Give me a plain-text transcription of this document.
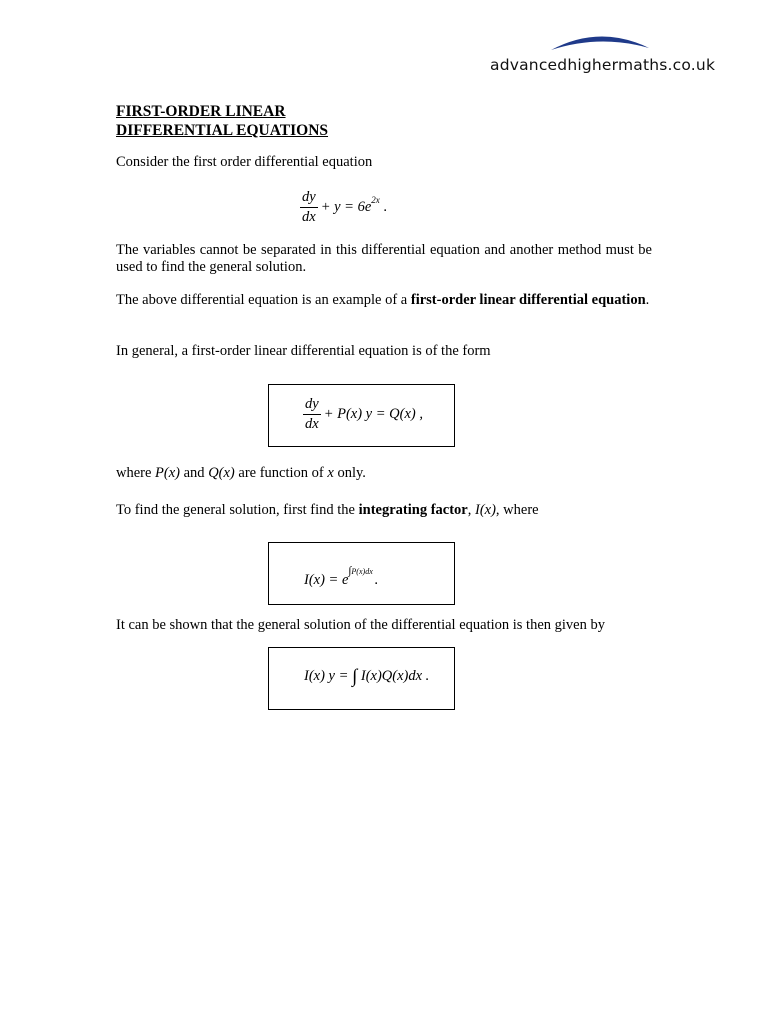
advancedhighermaths.co.uk
FIRST-ORDER LINEAR
DIFFERENTIAL EQUATIONS
Consider the first order differential equation
$\frac{dy}{dx} + y = 6e^{2x}$ .
The variables cannot be separated in this differential equation and another method must be used to find the general solution.
The above differential equation is an example of a first-order linear differential equation.
In general, a first-order linear differential equation is of the form
$\frac{dy}{dx} + P(x) y = Q(x)$ ,
where P(x) and Q(x) are function of x only.
To find the general solution, first find the integrating factor, I(x), where
$I(x) = e^{\int P(x)dx}$ .
It can be shown that the general solution of the differential equation is then given by
I(x) y = ∫ I(x)Q(x)dx .
